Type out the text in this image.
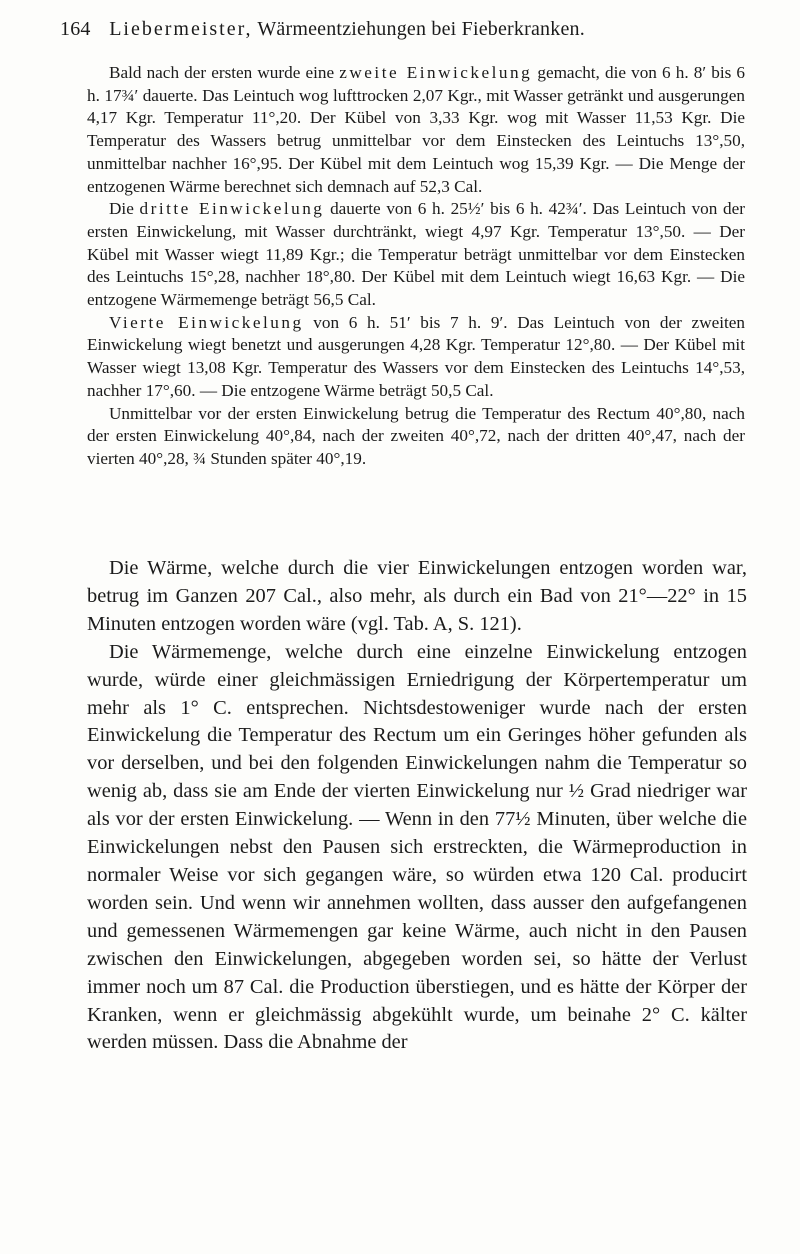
164 Liebermeister, Wärmeentziehungen bei Fieberkranken.

Bald nach der ersten wurde eine zweite Einwickelung gemacht, die von 6 h. 8′ bis 6 h. 17¾′ dauerte. Das Leintuch wog lufttrocken 2,07 Kgr., mit Wasser getränkt und ausgerungen 4,17 Kgr. Temperatur 11°,20. Der Kübel von 3,33 Kgr. wog mit Wasser 11,53 Kgr. Die Temperatur des Wassers betrug unmittelbar vor dem Einstecken des Leintuchs 13°,50, unmittelbar nachher 16°,95. Der Kübel mit dem Leintuch wog 15,39 Kgr. — Die Menge der entzogenen Wärme berechnet sich demnach auf 52,3 Cal.

Die dritte Einwickelung dauerte von 6 h. 25½′ bis 6 h. 42¾′. Das Leintuch von der ersten Einwickelung, mit Wasser durchtränkt, wiegt 4,97 Kgr. Temperatur 13°,50. — Der Kübel mit Wasser wiegt 11,89 Kgr.; die Temperatur beträgt unmittelbar vor dem Einstecken des Leintuchs 15°,28, nachher 18°,80. Der Kübel mit dem Leintuch wiegt 16,63 Kgr. — Die entzogene Wärmemenge beträgt 56,5 Cal.

Vierte Einwickelung von 6 h. 51′ bis 7 h. 9′. Das Leintuch von der zweiten Einwickelung wiegt benetzt und ausgerungen 4,28 Kgr. Temperatur 12°,80. — Der Kübel mit Wasser wiegt 13,08 Kgr. Temperatur des Wassers vor dem Einstecken des Leintuchs 14°,53, nachher 17°,60. — Die entzogene Wärme beträgt 50,5 Cal.

Unmittelbar vor der ersten Einwickelung betrug die Temperatur des Rectum 40°,80, nach der ersten Einwickelung 40°,84, nach der zweiten 40°,72, nach der dritten 40°,47, nach der vierten 40°,28, ¾ Stunden später 40°,19.

Die Wärme, welche durch die vier Einwickelungen entzogen worden war, betrug im Ganzen 207 Cal., also mehr, als durch ein Bad von 21°—22° in 15 Minuten entzogen worden wäre (vgl. Tab. A, S. 121).

Die Wärmemenge, welche durch eine einzelne Einwickelung entzogen wurde, würde einer gleichmässigen Erniedrigung der Körpertemperatur um mehr als 1° C. entsprechen. Nichtsdestoweniger wurde nach der ersten Einwickelung die Temperatur des Rectum um ein Geringes höher gefunden als vor derselben, und bei den folgenden Einwickelungen nahm die Temperatur so wenig ab, dass sie am Ende der vierten Einwickelung nur ½ Grad niedriger war als vor der ersten Einwickelung. — Wenn in den 77½ Minuten, über welche die Einwickelungen nebst den Pausen sich erstreckten, die Wärmeproduction in normaler Weise vor sich gegangen wäre, so würden etwa 120 Cal. producirt worden sein. Und wenn wir annehmen wollten, dass ausser den aufgefangenen und gemessenen Wärmemengen gar keine Wärme, auch nicht in den Pausen zwischen den Einwickelungen, abgegeben worden sei, so hätte der Verlust immer noch um 87 Cal. die Production überstiegen, und es hätte der Körper der Kranken, wenn er gleichmässig abgekühlt wurde, um beinahe 2° C. kälter werden müssen. Dass die Abnahme der
